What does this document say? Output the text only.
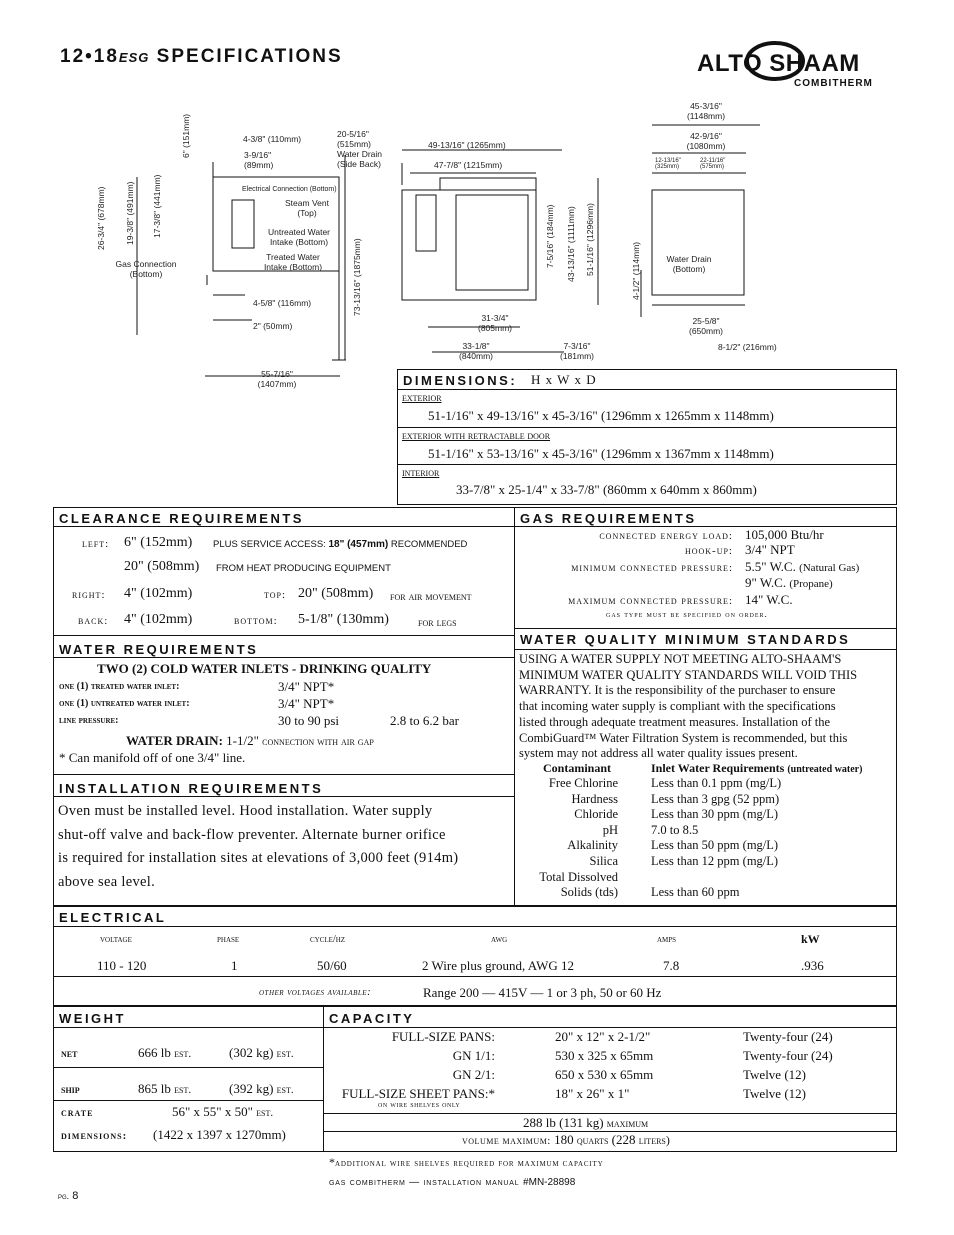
12•18ESG SPECIFICATIONS	ALTO SHAAM
COMBITHERM
4-3/8" (110mm)
3-9/16" (89mm)
6" (151mm)	20-5/16" (515mm) Water Drain (Side Back)
Electrical Connection (Bottom)
Steam Vent (Top)
Untreated Water Intake (Bottom)
Treated Water Intake (Bottom)
Gas Connection (Bottom)
26-3/4" (678mm) 19-3/8" (491mm) 17-3/8" (441mm)
4-5/8" (116mm)
2" (50mm)
73-13/16" (1875mm)
55-7/16" (1407mm)
49-13/16" (1265mm)
47-7/8" (1215mm)
7-5/16" (184mm) 43-13/16" (1111mm) 51-1/16" (1296mm)
31-3/4" (805mm)
33-1/8" (840mm)
7-3/16" (181mm)
45-3/16" (1148mm)
42-9/16" (1080mm)
12-13/16" (325mm)
22-11/16" (575mm)
4-1/2" (114mm)	Water Drain (Bottom)
25-5/8" (650mm)
8-1/2" (216mm)
DIMENSIONS: H x W x D
exterior
51-1/16" x 49-13/16" x 45-3/16" (1296mm x 1265mm x 1148mm)
exterior with retractable door
51-1/16" x 53-13/16" x 45-3/16" (1296mm x 1367mm x 1148mm)
interior
33-7/8" x 25-1/4" x 33-7/8" (860mm x 640mm x 860mm)
CLEARANCE REQUIREMENTS
left: 6" (152mm) PLUS SERVICE ACCESS: 18" (457mm) RECOMMENDED
20" (508mm) FROM HEAT PRODUCING EQUIPMENT
right: 4" (102mm)	top: 20" (508mm) for air movement
back: 4" (102mm)	bottom: 5-1/8" (130mm) for legs
GAS REQUIREMENTS
connected energy load: 105,000 Btu/hr
hook-up: 3/4" NPT
minimum connected pressure: 5.5" W.C. (Natural Gas)
9" W.C. (Propane)
maximum connected pressure: 14" W.C.
gas type must be specified on order.
WATER REQUIREMENTS
TWO (2) COLD WATER INLETS - DRINKING QUALITY
one (1) treated water inlet:	3/4" NPT*
one (1) untreated water inlet:	3/4" NPT*
line pressure:	30 to 90 psi	2.8 to 6.2 bar
WATER DRAIN: 1-1/2" connection with air gap
* Can manifold off of one 3/4" line.
WATER QUALITY MINIMUM STANDARDS
USING A WATER SUPPLY NOT MEETING ALTO-SHAAM'S
MINIMUM WATER QUALITY STANDARDS WILL VOID THIS
WARRANTY. It is the responsibility of the purchaser to ensure
that incoming water supply is compliant with the specifications
listed through adequate treatment measures. Installation of the
CombiGuard™ Water Filtration System is recommended, but this
system may not address all water quality issues present.
Contaminant	Inlet Water Requirements (untreated water)
Free Chlorine	Less than 0.1 ppm (mg/L)
Hardness	Less than 3 gpg (52 ppm)
Chloride	Less than 30 ppm (mg/L)
pH	7.0 to 8.5
Alkalinity	Less than 50 ppm (mg/L)
Silica	Less than 12 ppm (mg/L)
Total Dissolved
Solids (tds)	Less than 60 ppm
INSTALLATION REQUIREMENTS
Oven must be installed level. Hood installation. Water supply
shut-off valve and back-flow preventer. Alternate burner orifice
is required for installation sites at elevations of 3,000 feet (914m)
above sea level.
ELECTRICAL
voltage	phase	cycle/hz	awg	amps	kW
110 - 120	1	50/60	2 Wire plus ground, AWG 12	7.8	.936
other voltages available:	Range 200 — 415V — 1 or 3 ph, 50 or 60 Hz
WEIGHT
net	666 lb est.	(302 kg) est.
ship	865 lb est.	(392 kg) est.
crate	56" x 55" x 50" est.
dimensions: (1422 x 1397 x 1270mm)
CAPACITY
FULL-SIZE PANS:	20" x 12" x 2-1/2"	Twenty-four (24)
GN 1/1:	530 x 325 x 65mm	Twenty-four (24)
GN 2/1:	650 x 530 x 65mm	Twelve (12)
FULL-SIZE SHEET PANS:*	18" x 26" x 1"	Twelve (12)
on wire shelves only
288 lb (131 kg) maximum
volume maximum: 180 quarts (228 liters)
*additional wire shelves required for maximum capacity
gas combitherm — installation manual #MN-28898
pg. 8
